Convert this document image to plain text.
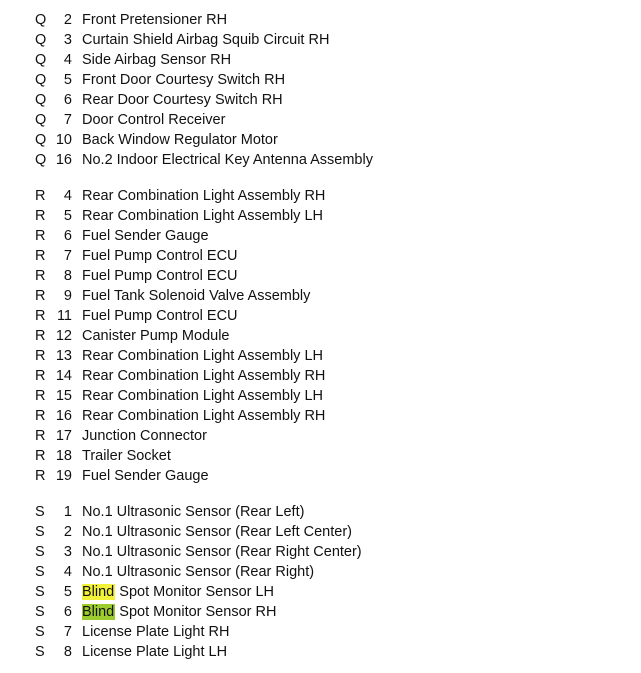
Q	2 Front Pretensioner RH
Q	3 Curtain Shield Airbag Squib Circuit RH
Q	4 Side Airbag Sensor RH
Q	5 Front Door Courtesy Switch RH
Q	6 Rear Door Courtesy Switch RH
Q	7 Door Control Receiver
Q 10 Back Window Regulator Motor
Q 16 No.2 Indoor Electrical Key Antenna Assembly
R	4 Rear Combination Light Assembly RH
R	5 Rear Combination Light Assembly LH
R	6 Fuel Sender Gauge
R	7 Fuel Pump Control ECU
R	8 Fuel Pump Control ECU
R	9 Fuel Tank Solenoid Valve Assembly
R 11 Fuel Pump Control ECU
R 12 Canister Pump Module
R 13 Rear Combination Light Assembly LH
R 14 Rear Combination Light Assembly RH
R 15 Rear Combination Light Assembly LH
R 16 Rear Combination Light Assembly RH
R 17 Junction Connector
R 18 Trailer Socket
R 19 Fuel Sender Gauge
S	1 No.1 Ultrasonic Sensor (Rear Left)
S	2 No.1 Ultrasonic Sensor (Rear Left Center)
S	3 No.1 Ultrasonic Sensor (Rear Right Center)
S	4 No.1 Ultrasonic Sensor (Rear Right)
S	5 Blind Spot Monitor Sensor LH
S	6 Blind Spot Monitor Sensor RH
S	7 License Plate Light RH
S	8 License Plate Light LH
